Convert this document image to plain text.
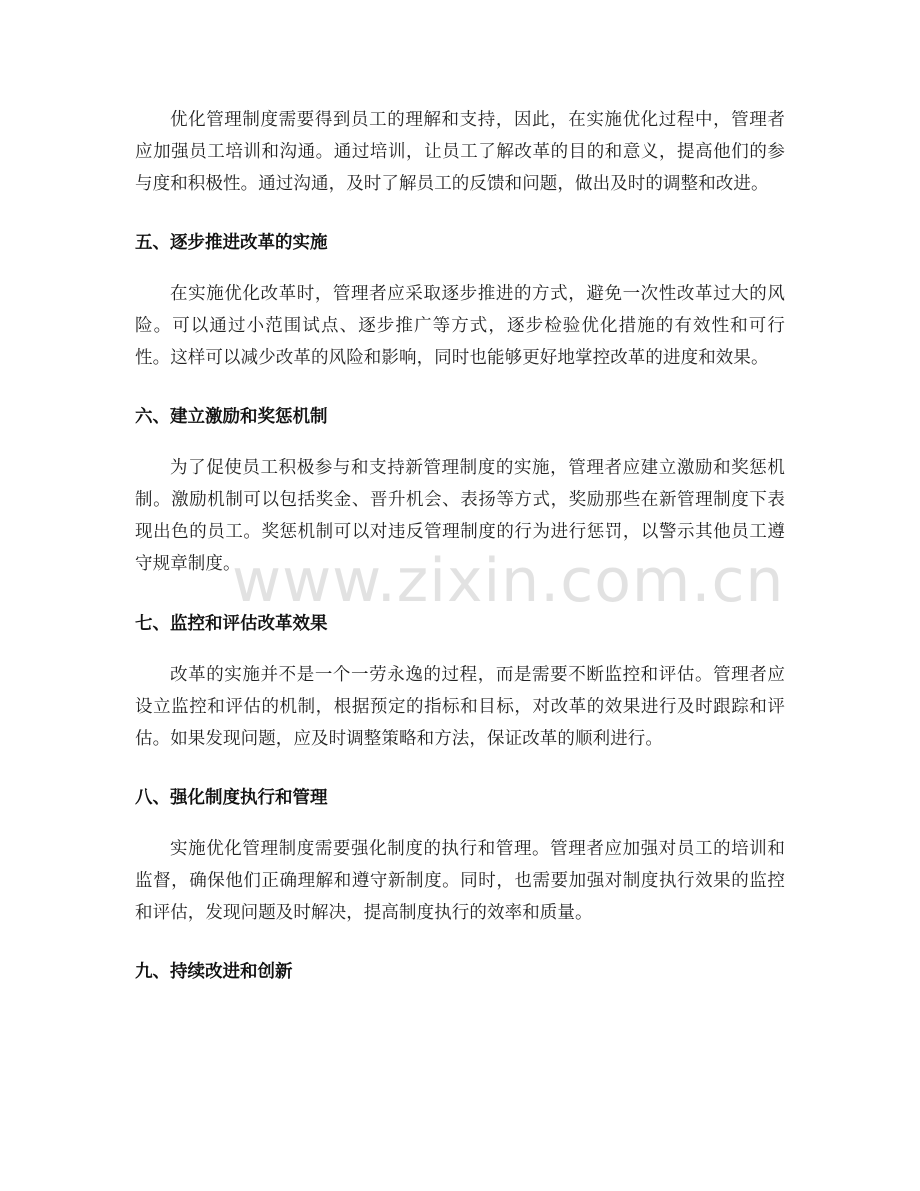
优化管理制度需要得到员工的理解和支持，因此，在实施优化过程中，管理者应加强员工培训和沟通。通过培训，让员工了解改革的目的和意义，提高他们的参与度和积极性。通过沟通，及时了解员工的反馈和问题，做出及时的调整和改进。

五、逐步推进改革的实施

在实施优化改革时，管理者应采取逐步推进的方式，避免一次性改革过大的风险。可以通过小范围试点、逐步推广等方式，逐步检验优化措施的有效性和可行性。这样可以减少改革的风险和影响，同时也能够更好地掌控改革的进度和效果。

六、建立激励和奖惩机制

为了促使员工积极参与和支持新管理制度的实施，管理者应建立激励和奖惩机制。激励机制可以包括奖金、晋升机会、表扬等方式，奖励那些在新管理制度下表现出色的员工。奖惩机制可以对违反管理制度的行为进行惩罚，以警示其他员工遵守规章制度。

七、监控和评估改革效果

改革的实施并不是一个一劳永逸的过程，而是需要不断监控和评估。管理者应设立监控和评估的机制，根据预定的指标和目标，对改革的效果进行及时跟踪和评估。如果发现问题，应及时调整策略和方法，保证改革的顺利进行。

八、强化制度执行和管理

实施优化管理制度需要强化制度的执行和管理。管理者应加强对员工的培训和监督，确保他们正确理解和遵守新制度。同时，也需要加强对制度执行效果的监控和评估，发现问题及时解决，提高制度执行的效率和质量。

九、持续改进和创新
www.zixin.com.cn
